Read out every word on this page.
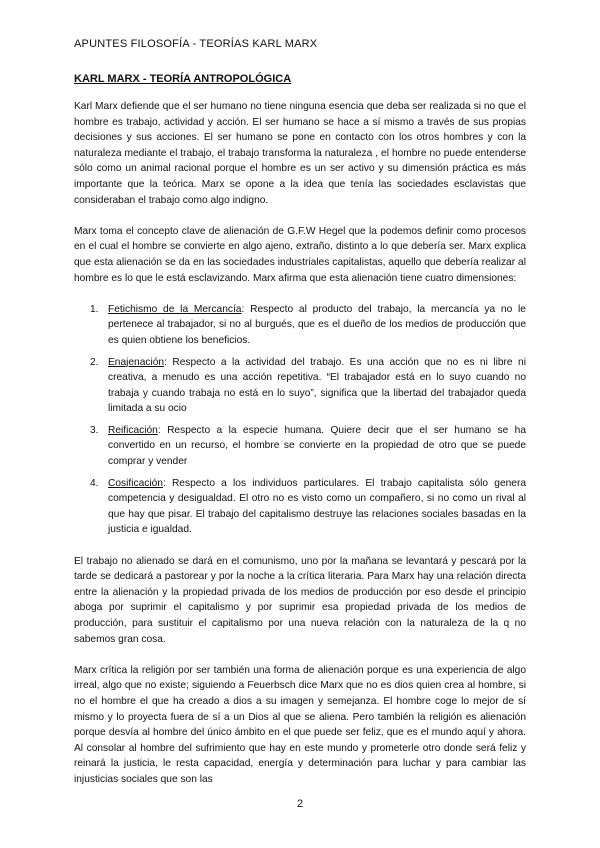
APUNTES FILOSOFÍA - TEORÍAS KARL MARX
KARL MARX - TEORÍA ANTROPOLÓGICA

Karl Marx defiende que el ser humano no tiene ninguna esencia que deba ser realizada si no que el hombre es trabajo, actividad y acción. El ser humano se hace a sí mismo a través de sus propias decisiones y sus acciones. El ser humano se pone en contacto con los otros hombres y con la naturaleza mediante el trabajo, el trabajo transforma la naturaleza , el hombre no puede entenderse sólo como un animal racional porque el hombre es un ser activo y su dimensión práctica es más importante que la teórica. Marx se opone a la idea que tenía las sociedades esclavistas que consideraban el trabajo como algo indigno.

Marx toma el concepto clave de alienación de G.F.W Hegel que la podemos definir como procesos en el cual el hombre se convierte en algo ajeno, extraño, distinto a lo que debería ser. Marx explica que esta alienación se da en las sociedades industriales capitalistas, aquello que debería realizar al hombre es lo que le está esclavizando. Marx afirma que esta alienación tiene cuatro dimensiones:

1. Fetichismo de la Mercancía: Respecto al producto del trabajo, la mercancía ya no le pertenece al trabajador, si no al burgués, que es el dueño de los medios de producción que es quien obtiene los beneficios.
2. Enajenación: Respecto a la actividad del trabajo. Es una acción que no es ni libre ni creativa, a menudo es una acción repetitiva. “El trabajador está en lo suyo cuando no trabaja y cuando trabaja no está en lo suyo”, significa que la libertad del trabajador queda limitada a su ocio
3. Reificación: Respecto a la especie humana. Quiere decir que el ser humano se ha convertido en un recurso, el hombre se convierte en la propiedad de otro que se puede comprar y vender
4. Cosificación: Respecto a los individuos particulares. El trabajo capitalista sólo genera competencia y desigualdad. El otro no es visto como un compañero, si no como un rival al que hay que pisar. El trabajo del capitalismo destruye las relaciones sociales basadas en la justicia e igualdad.

El trabajo no alienado se dará en el comunismo, uno por la mañana se levantará y pescará por la tarde se dedicará a pastorear y por la noche a la crítica literaria. Para Marx hay una relación directa entre la alienación y la propiedad privada de los medios de producción por eso desde el principio aboga por suprimir el capitalismo y por suprimir esa propiedad privada de los medios de producción, para sustituir el capitalismo por una nueva relación con la naturaleza de la q no sabemos gran cosa.

Marx crítica la religión por ser también una forma de alienación porque es una experiencia de algo irreal, algo que no existe; siguiendo a Feuerbsch dice Marx que no es dios quien crea al hombre, si no el hombre el que ha creado a dios a su imagen y semejanza. El hombre coge lo mejor de sí mismo y lo proyecta fuera de sí a un Dios al que se aliena. Pero también la religión es alienación porque desvía al hombre del único ámbito en el que puede ser feliz, que es el mundo aquí y ahora. Al consolar al hombre del sufrimiento que hay en este mundo y prometerle otro donde será feliz y reinará la justicia, le resta capacidad, energía y determinación para luchar y para cambiar las injusticias sociales que son las

2
